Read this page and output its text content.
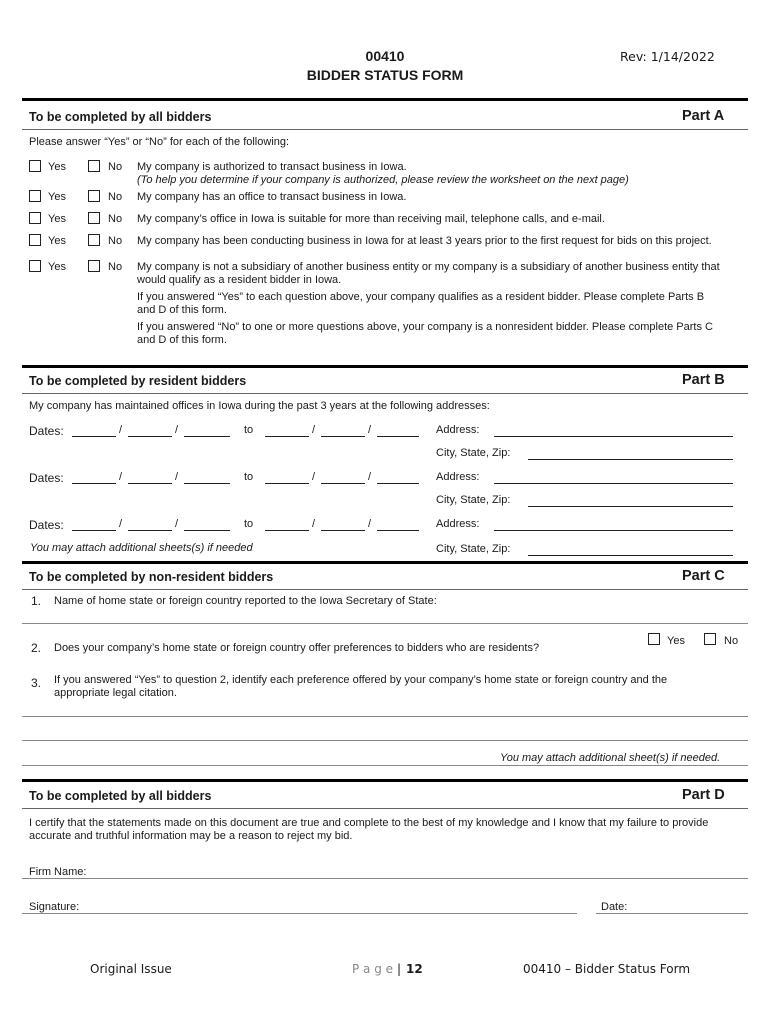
00410
BIDDER STATUS FORM
Rev: 1/14/2022
To be completed by all bidders	Part A
Please answer “Yes” or “No” for each of the following:
Yes	No My company is authorized to transact business in Iowa.
(To help you determine if your company is authorized, please review the worksheet on the next page)
Yes	No My company has an office to transact business in Iowa.
Yes	No My company’s office in Iowa is suitable for more than receiving mail, telephone calls, and e-mail.
Yes	No My company has been conducting business in Iowa for at least 3 years prior to the first request for bids on this project.
Yes	No My company is not a subsidiary of another business entity or my company is a subsidiary of another business entity that
would qualify as a resident bidder in Iowa.
If you answered “Yes” to each question above, your company qualifies as a resident bidder. Please complete Parts B
and D of this form.
If you answered “No” to one or more questions above, your company is a nonresident bidder. Please complete Parts C
and D of this form.
To be completed by resident bidders	Part B
My company has maintained offices in Iowa during the past 3 years at the following addresses:
Dates:	/	/	to	/	/	Address:
City, State, Zip:
Dates:	/	/	to	/	/	Address:
City, State, Zip:
Dates:	/	/	to	/	/	Address:
You may attach additional sheets(s) if needed	City, State, Zip:
To be completed by non-resident bidders	Part C
1. Name of home state or foreign country reported to the Iowa Secretary of State:
2. Does your company’s home state or foreign country offer preferences to bidders who are residents?
Yes	No
3. If you answered “Yes” to question 2, identify each preference offered by your company’s home state or foreign country and the
appropriate legal citation.
You may attach additional sheet(s) if needed.
To be completed by all bidders	Part D
I certify that the statements made on this document are true and complete to the best of my knowledge and I know that my failure to provide
accurate and truthful information may be a reason to reject my bid.
Firm Name:
Signature:	Date:
Original Issue	P a g e | 12	00410 – Bidder Status Form
